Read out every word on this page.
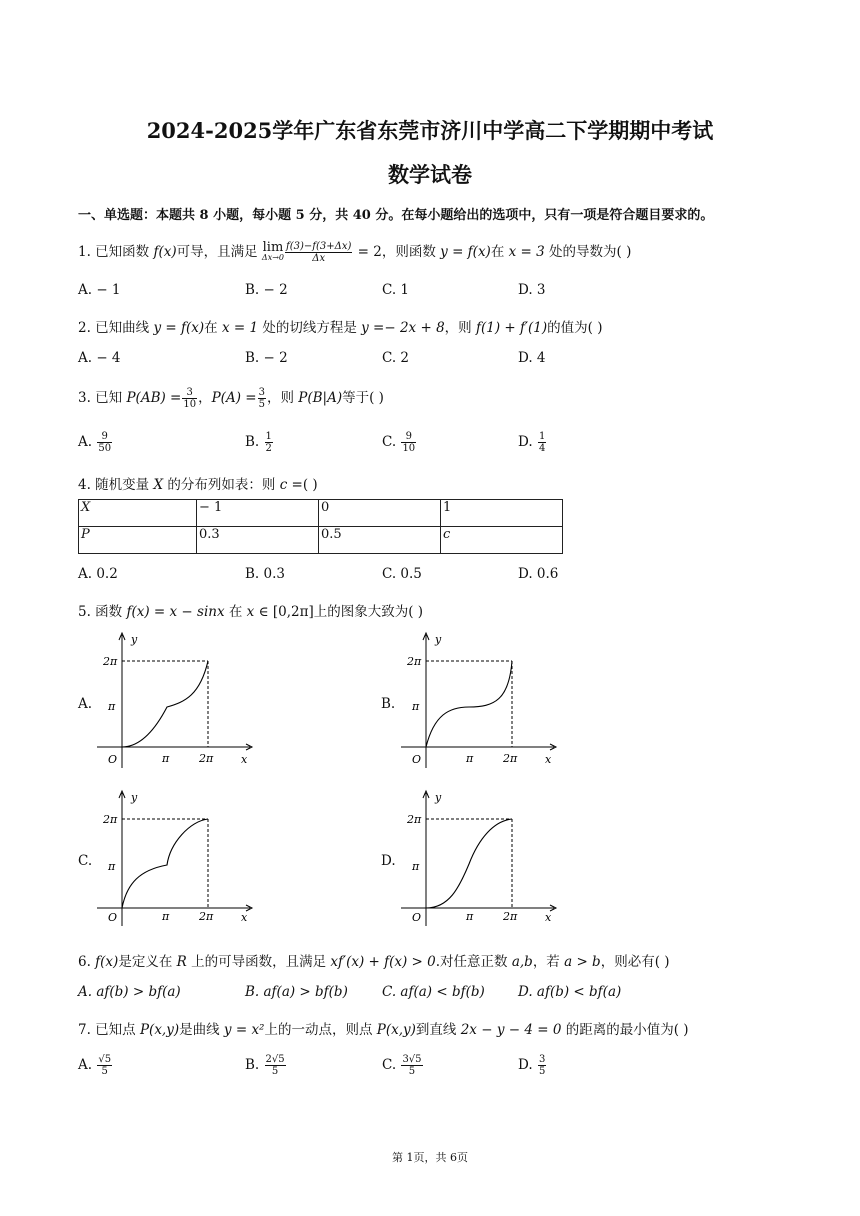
2024-2025学年广东省东莞市济川中学高二下学期期中考试
数学试卷
一、单选题：本题共 8 小题，每小题 5 分，共 40 分。在每小题给出的选项中，只有一项是符合题目要求的。
1. 已知函数 f(x)可导，且满足 lim
$\Delta x\to 0 \frac{f(3)-f(3+\Delta x)}{\Delta x} = 2$，则函数 y = f(x)在 x = 3 处的导数为( )
A. − 1	B. − 2	C. 1	D. 3
2. 已知曲线 y = f(x)在 x = 1 处的切线方程是 y =− 2x + 8，则 f(1) + f′(1)的值为( )
A. − 4	B. − 2	C. 2	D. 4
3. 已知 $P(AB) = \frac{3}{10}$ ，$P(A) = \frac{3}{5}$ ，则 P(B|A)等于( )
A. $\frac{9}{50}$	B. $\frac{1}{2}$	C. $\frac{9}{10}$	D. $\frac{1}{4}$
4. 随机变量 X 的分布列如表：则 c =( )
X	− 1	0	1
P	0.3	0.5	c
A. 0.2	B. 0.3	C. 0.5	D. 0.6
5. 函数 f(x) = x − sinx 在 x ∈ [0,2π]上的图象大致为( )
A.	B.
C.	D.
y
x
O	π	2π
2π
π
y
x
O	π	2π
2π
π
y
x
O	π	2π
2π
π
y
x
O	π	2π
2π
π
6. f(x)是定义在 R 上的可导函数，且满足 xf′(x) + f(x) > 0.对任意正数 a,b，若 a > b，则必有( )
A. af(b) > bf(a)	B. af(a) > bf(b)	C. af(a) < bf(b) D. af(b) < bf(a)
7. 已知点 P(x,y)是曲线 y = x²上的一动点，则点 P(x,y)到直线 2x − y − 4 = 0 的距离的最小值为( )
A. $\frac{√5}{5}$	B. $\frac{2√5}{5}$	C. $\frac{3√5}{5}$	D. $\frac{3}{5}$
第 1页，共 6页
